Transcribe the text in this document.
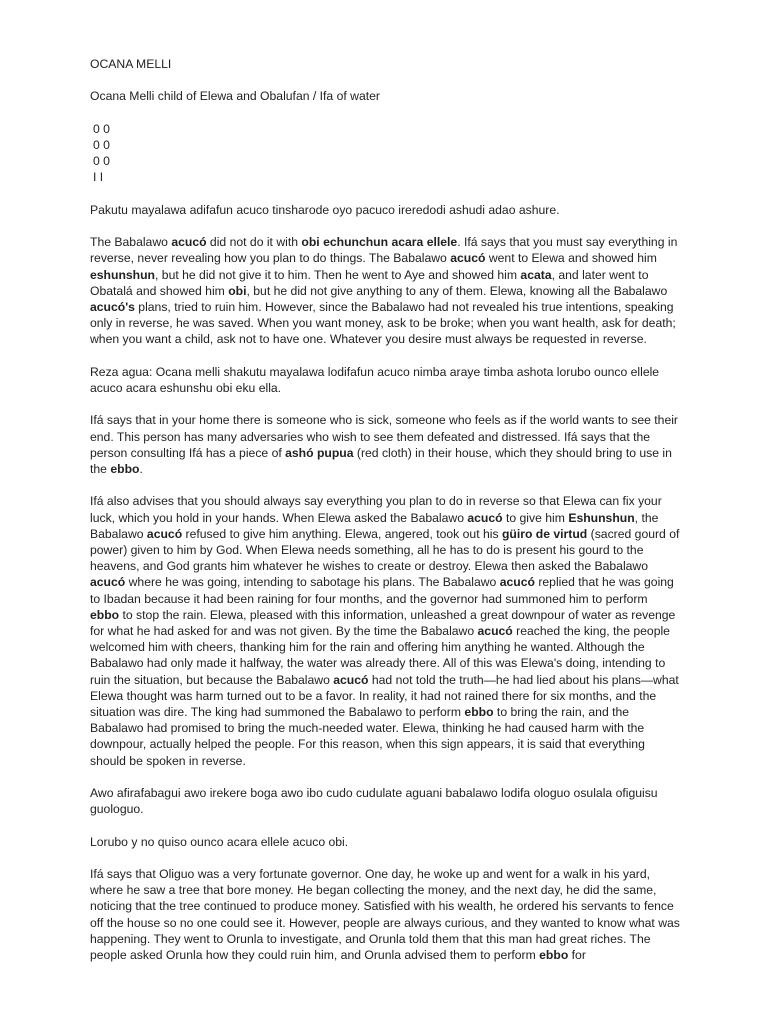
OCANA MELLI

Ocana Melli child of Elewa and Obalufan / Ifa of water

0 0
0 0
0 0
I I

Pakutu mayalawa adifafun acuco tinsharode oyo pacuco ireredodi ashudi adao ashure.

The Babalawo acucó did not do it with obi echunchun acara ellele. Ifá says that you must say everything in reverse, never revealing how you plan to do things. The Babalawo acucó went to Elewa and showed him eshunshun, but he did not give it to him. Then he went to Aye and showed him acata, and later went to Obatalá and showed him obi, but he did not give anything to any of them. Elewa, knowing all the Babalawo acucó's plans, tried to ruin him. However, since the Babalawo had not revealed his true intentions, speaking only in reverse, he was saved. When you want money, ask to be broke; when you want health, ask for death; when you want a child, ask not to have one. Whatever you desire must always be requested in reverse.

Reza agua: Ocana melli shakutu mayalawa lodifafun acuco nimba araye timba ashota lorubo ounco ellele acuco acara eshunshu obi eku ella.

Ifá says that in your home there is someone who is sick, someone who feels as if the world wants to see their end. This person has many adversaries who wish to see them defeated and distressed. Ifá says that the person consulting Ifá has a piece of ashó pupua (red cloth) in their house, which they should bring to use in the ebbo.

Ifá also advises that you should always say everything you plan to do in reverse so that Elewa can fix your luck, which you hold in your hands. When Elewa asked the Babalawo acucó to give him Eshunshun, the Babalawo acucó refused to give him anything. Elewa, angered, took out his güiro de virtud (sacred gourd of power) given to him by God. When Elewa needs something, all he has to do is present his gourd to the heavens, and God grants him whatever he wishes to create or destroy. Elewa then asked the Babalawo acucó where he was going, intending to sabotage his plans. The Babalawo acucó replied that he was going to Ibadan because it had been raining for four months, and the governor had summoned him to perform ebbo to stop the rain. Elewa, pleased with this information, unleashed a great downpour of water as revenge for what he had asked for and was not given. By the time the Babalawo acucó reached the king, the people welcomed him with cheers, thanking him for the rain and offering him anything he wanted. Although the Babalawo had only made it halfway, the water was already there. All of this was Elewa's doing, intending to ruin the situation, but because the Babalawo acucó had not told the truth—he had lied about his plans—what Elewa thought was harm turned out to be a favor. In reality, it had not rained there for six months, and the situation was dire. The king had summoned the Babalawo to perform ebbo to bring the rain, and the Babalawo had promised to bring the much-needed water. Elewa, thinking he had caused harm with the downpour, actually helped the people. For this reason, when this sign appears, it is said that everything should be spoken in reverse.

Awo afirafabagui awo irekere boga awo ibo cudo cudulate aguani babalawo lodifa ologuo osulala ofiguisu guologuo.

Lorubo y no quiso ounco acara ellele acuco obi.

Ifá says that Oliguo was a very fortunate governor. One day, he woke up and went for a walk in his yard, where he saw a tree that bore money. He began collecting the money, and the next day, he did the same, noticing that the tree continued to produce money. Satisfied with his wealth, he ordered his servants to fence off the house so no one could see it. However, people are always curious, and they wanted to know what was happening. They went to Orunla to investigate, and Orunla told them that this man had great riches. The people asked Orunla how they could ruin him, and Orunla advised them to perform ebbo for
